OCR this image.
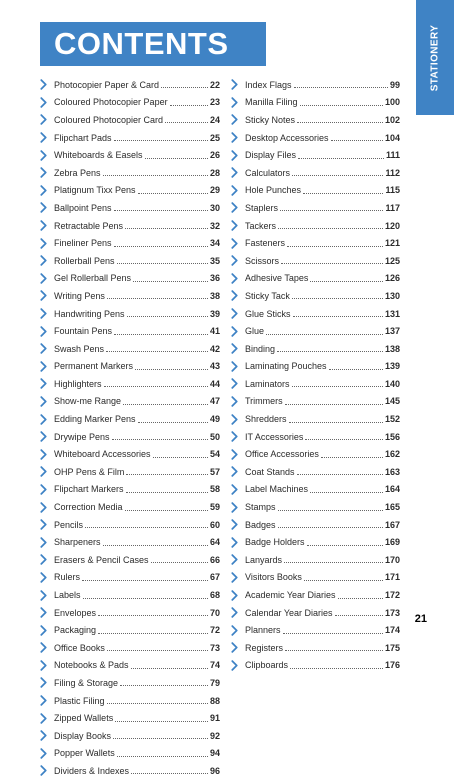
CONTENTS	STATIONERY
Photocopier Paper & Card	22
Coloured Photocopier Paper	23
Coloured Photocopier Card	24
Flipchart Pads	25
Whiteboards & Easels	26
Zebra Pens	28
Platignum Tixx Pens	29
Ballpoint Pens	30
Retractable Pens	32
Fineliner Pens	34
Rollerball Pens	35
Gel Rollerball Pens	36
Writing Pens	38
Handwriting Pens	39
Fountain Pens	41
Swash Pens	42
Permanent Markers	43
Highlighters	44
Show-me Range	47
Edding Marker Pens	49
Drywipe Pens	50
Whiteboard Accessories	54
OHP Pens & Film	57
Flipchart Markers	58
Correction Media	59
Pencils	60
Sharpeners	64
Erasers & Pencil Cases	66
Rulers	67
Labels	68
Envelopes	70
Packaging	72
Office Books	73
Notebooks & Pads	74
Filing & Storage	79
Plastic Filing	88
Zipped Wallets	91
Display Books	92
Popper Wallets	94
Dividers & Indexes	96
Index Flags	99
Manilla Filing	100
Sticky Notes	102
Desktop Accessories	104
Display Files	111
Calculators	112
Hole Punches	115
Staplers	117
Tackers	120
Fasteners	121
Scissors	125
Adhesive Tapes	126
Sticky Tack	130
Glue Sticks	131
Glue	137
Binding	138
Laminating Pouches	139
Laminators	140
Trimmers	145
Shredders	152
IT Accessories	156
Office Accessories	162
Coat Stands	163
Label Machines	164
Stamps	165
Badges	167
Badge Holders	169
Lanyards	170
Visitors Books	171
Academic Year Diaries	172
Calendar Year Diaries	173
Planners	174
Registers	175
Clipboards	176
21
